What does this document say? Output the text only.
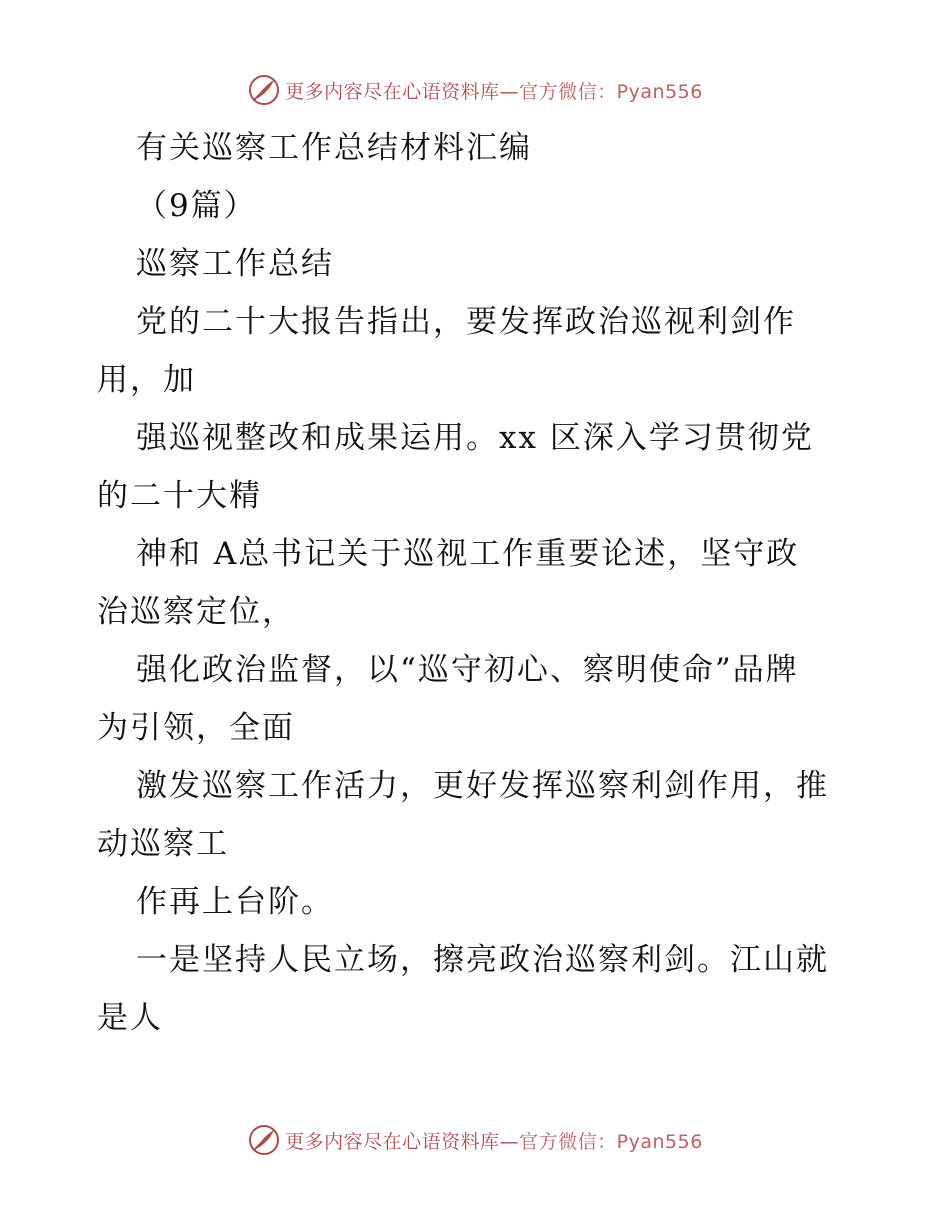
更多内容尽在心语资料库—官方微信：Pyan556
有关巡察工作总结材料汇编
（9篇）
巡察工作总结
党的二十大报告指出，要发挥政治巡视利剑作
用，加
强巡视整改和成果运用。xx 区深入学习贯彻党
的二十大精
神和 A总书记关于巡视工作重要论述，坚守政
治巡察定位，
强化政治监督，以“巡守初心、察明使命”品牌
为引领，全面
激发巡察工作活力，更好发挥巡察利剑作用，推
动巡察工
作再上台阶。
一是坚持人民立场，擦亮政治巡察利剑。江山就
是人
更多内容尽在心语资料库—官方微信：Pyan556
